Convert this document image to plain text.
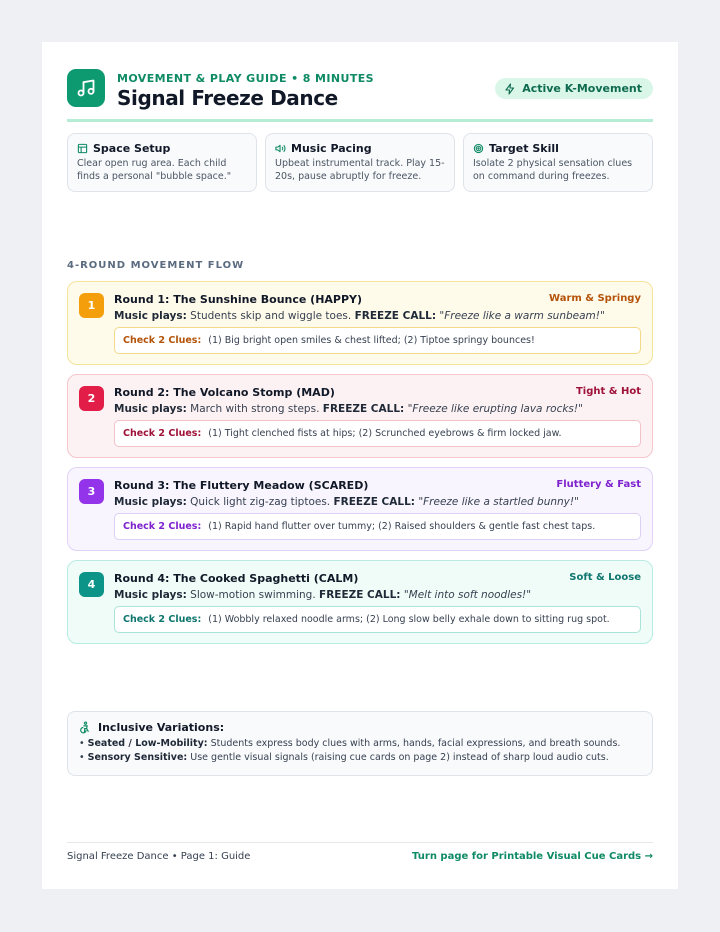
MOVEMENT & PLAY GUIDE • 8 MINUTES
Signal Freeze Dance	Active K-Movement
Space Setup
Clear open rug area. Each child finds a personal "bubble space."
Music Pacing
Upbeat instrumental track. Play 15-20s, pause abruptly for freeze.
Target Skill
Isolate 2 physical sensation clues on command during freezes.
4-ROUND MOVEMENT FLOW
1	Round 1: The Sunshine Bounce (HAPPY)	Warm & Springy
Music plays: Students skip and wiggle toes. FREEZE CALL: "Freeze like a warm sunbeam!"
Check 2 Clues: (1) Big bright open smiles & chest lifted; (2) Tiptoe springy bounces!
2	Round 2: The Volcano Stomp (MAD)	Tight & Hot
Music plays: March with strong steps. FREEZE CALL: "Freeze like erupting lava rocks!"
Check 2 Clues: (1) Tight clenched fists at hips; (2) Scrunched eyebrows & firm locked jaw.
3	Round 3: The Fluttery Meadow (SCARED)	Fluttery & Fast
Music plays: Quick light zig-zag tiptoes. FREEZE CALL: "Freeze like a startled bunny!"
Check 2 Clues: (1) Rapid hand flutter over tummy; (2) Raised shoulders & gentle fast chest taps.
4	Round 4: The Cooked Spaghetti (CALM)	Soft & Loose
Music plays: Slow-motion swimming. FREEZE CALL: "Melt into soft noodles!"
Check 2 Clues: (1) Wobbly relaxed noodle arms; (2) Long slow belly exhale down to sitting rug spot.
Inclusive Variations:
• Seated / Low-Mobility: Students express body clues with arms, hands, facial expressions, and breath sounds.
• Sensory Sensitive: Use gentle visual signals (raising cue cards on page 2) instead of sharp loud audio cuts.
Signal Freeze Dance • Page 1: Guide	Turn page for Printable Visual Cue Cards →
